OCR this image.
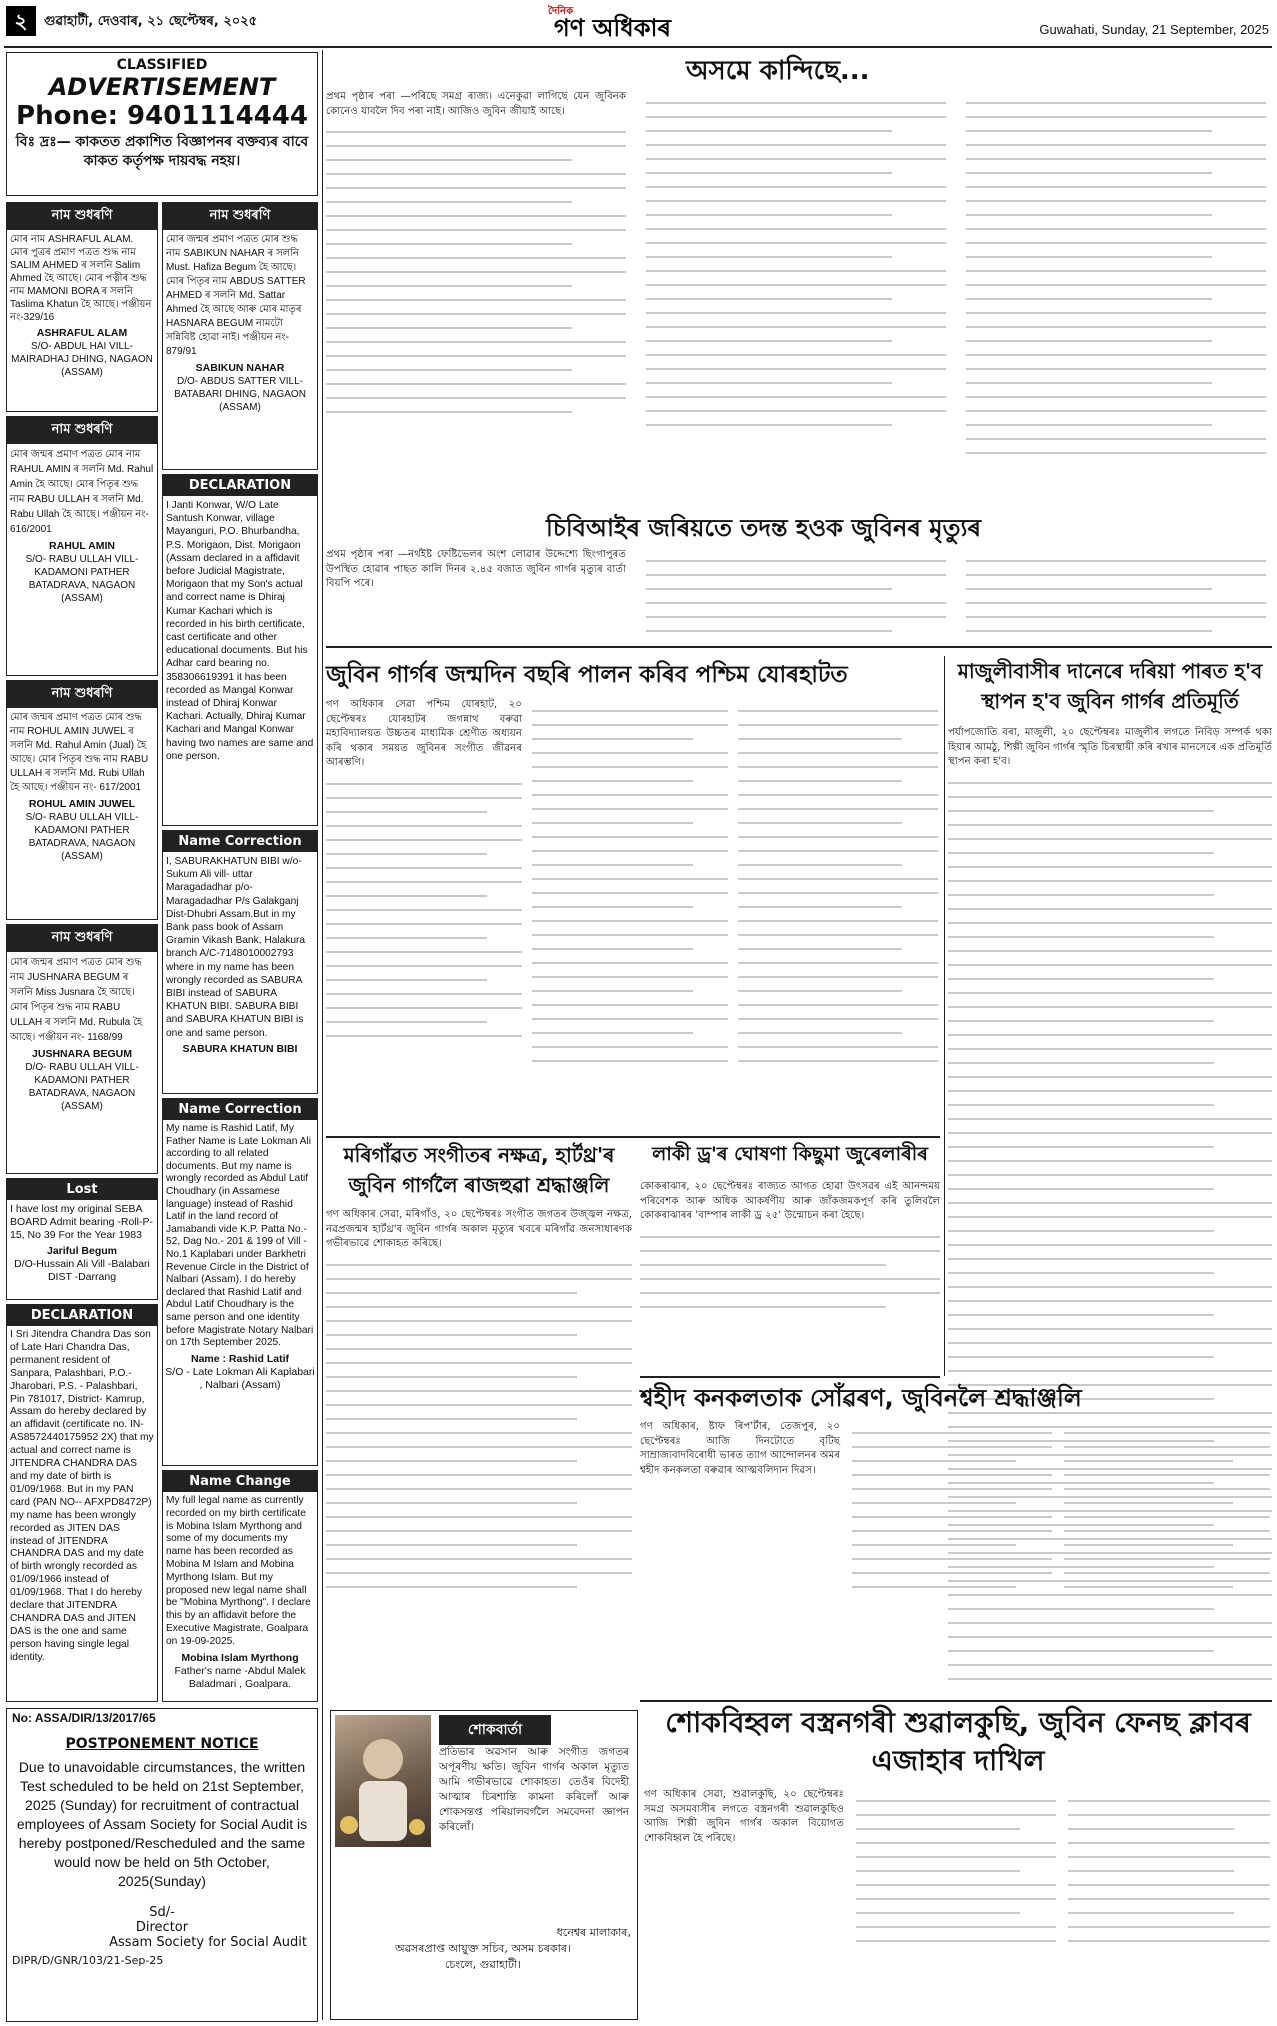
২	গুৱাহাটী, দেওবাৰ, ২১ ছেপ্টেম্বৰ, ২০২৫
দৈনিক
গণ অধিকাৰ	Guwahati, Sunday, 21 September, 2025
CLASSIFIED
ADVERTISEMENT
Phone: 9401114444
বিঃ দ্ৰঃ— কাকতত প্ৰকাশিত বিজ্ঞাপনৰ বক্তব্যৰ বাবে কাকত কৰ্তৃপক্ষ দায়বদ্ধ নহয়।
নাম শুধৰণি
মোৰ নাম ASHRAFUL ALAM. মোৰ পুত্ৰৰ প্ৰমাণ পত্ৰত শুদ্ধ নাম SALIM AHMED ৰ সলনি Salim Ahmed হৈ আছে। মোৰ পত্নীৰ শুদ্ধ নাম MAMONI BORA ৰ সলনি Taslima Khatun হৈ আছে। পঞ্জীয়ন নং-329/16
ASHRAFUL ALAM
S/O- ABDUL HAI VILL- MAIRADHAJ DHING, NAGAON (ASSAM)
নাম শুধৰণি
মোৰ জন্মৰ প্ৰমাণ পত্ৰত মোৰ নাম RAHUL AMIN ৰ সলনি Md. Rahul Amin হৈ আছে। মোৰ পিতৃৰ শুদ্ধ নাম RABU ULLAH ৰ সলনি Md. Rabu Ullah হৈ আছে। পঞ্জীয়ন নং- 616/2001
RAHUL AMIN
S/O- RABU ULLAH VILL- KADAMONI PATHER BATADRAVA, NAGAON (ASSAM)
নাম শুধৰণি
মোৰ জন্মৰ প্ৰমাণ পত্ৰত মোৰ শুদ্ধ নাম ROHUL AMIN JUWEL ৰ সলনি Md. Rahul Amin (Jual) হৈ আছে। মোৰ পিতৃৰ শুদ্ধ নাম RABU ULLAH ৰ সলনি Md. Rubi Ullah হৈ আছে। পঞ্জীয়ন নং- 617/2001
ROHUL AMIN JUWEL
S/O- RABU ULLAH VILL- KADAMONI PATHER BATADRAVA, NAGAON (ASSAM)
নাম শুধৰণি
মোৰ জন্মৰ প্ৰমাণ পত্ৰত মোৰ শুদ্ধ নাম JUSHNARA BEGUM ৰ সলনি Miss Jusnara হৈ আছে। মোৰ পিতৃৰ শুদ্ধ নাম RABU ULLAH ৰ সলনি Md. Rubula হৈ আছে। পঞ্জীয়ন নং- 1168/99
JUSHNARA BEGUM
D/O- RABU ULLAH VILL- KADAMONI PATHER BATADRAVA, NAGAON (ASSAM)
Lost
I have lost my original SEBA BOARD Admit bearing -Roll-P-15, No 39 For the Year 1983
Jariful Begum
D/O-Hussain Ali Vill -Balabari DIST -Darrang
DECLARATION
I Sri Jitendra Chandra Das son of Late Hari Chandra Das, permanent resident of Sanpara, Palashbari, P.O.- Jharobari, P.S. - Palashbari, Pin 781017, District- Kamrup, Assam do hereby declared by an affidavit (certificate no. IN-AS8572440175952 2X) that my actual and correct name is JITENDRA CHANDRA DAS and my date of birth is 01/09/1968. But in my PAN card (PAN NO-- AFXPD8472P) my name has been wrongly recorded as JITEN DAS instead of JITENDRA CHANDRA DAS and my date of birth wrongly recorded as 01/09/1966 instead of 01/09/1968. That I do hereby declare that JITENDRA CHANDRA DAS and JITEN DAS is the one and same person having single legal identity.
নাম শুধৰণি
মোৰ জন্মৰ প্ৰমাণ পত্ৰত মোৰ শুদ্ধ নাম SABIKUN NAHAR ৰ সলনি Must. Hafiza Begum হৈ আছে। মোৰ পিতৃৰ নাম ABDUS SATTER AHMED ৰ সলনি Md. Sattar Ahmed হৈ আছে আৰু মোৰ মাতৃৰ HASNARA BEGUM নামটো সন্নিবিষ্ট হোৱা নাই। পঞ্জীয়ন নং- 879/91
SABIKUN NAHAR
D/O- ABDUS SATTER VILL- BATABARI DHING, NAGAON (ASSAM)
DECLARATION
I Janti Konwar, W/O Late Santush Konwar, village Mayanguri, P.O. Bhurbandha, P.S. Morigaon, Dist. Morigaon (Assam declared in a affidavit before Judicial Magistrate, Morigaon that my Son's actual and correct name is Dhiraj Kumar Kachari which is recorded in his birth certificate, cast certificate and other educational documents. But his Adhar card bearing no. 358306619391 it has been recorded as Mangal Konwar instead of Dhiraj Konwar Kachari. Actually, Dhiraj Kumar Kachari and Mangal Konwar having two names are same and one person.
Name Correction
I, SABURAKHATUN BIBI w/o-Sukum Ali vill- uttar Maragadadhar p/o- Maragadadhar P/s Galakganj Dist-Dhubri Assam.But in my Bank pass book of Assam Gramin Vikash Bank, Halakura branch A/C-7148010002793 where in my name has been wrongly recorded as SABURA BIBI instead of SABURA KHATUN BIBI. SABURA BIBI and SABURA KHATUN BIBI is one and same person.
SABURA KHATUN BIBI
Name Correction
My name is Rashid Latif, My Father Name is Late Lokman Ali according to all related documents. But my name is wrongly recorded as Abdul Latif Choudhary (in Assamese language) instead of Rashid Latif in the land record of Jamabandi vide K.P. Patta No.- 52, Dag No.- 201 & 199 of Vill - No.1 Kaplabari under Barkhetri Revenue Circle in the District of Nalbari (Assam). I do hereby declared that Rashid Latif and Abdul Latif Choudhary is the same person and one identity before Magistrate Notary Nalbari on 17th September 2025.
Name : Rashid Latif
S/O - Late Lokman Ali Kaplabari , Nalbari (Assam)
Name Change
My full legal name as currently recorded on my birth certificate is Mobina Islam Myrthong and some of my documents my name has been recorded as Mobina M Islam and Mobina Myrthong Islam. But my proposed new legal name shall be "Mobina Myrthong". I declare this by an affidavit before the Executive Magistrate, Goalpara on 19-09-2025.
Mobina Islam Myrthong
Father's name -Abdul Malek Baladmari , Goalpara.
No: ASSA/DIR/13/2017/65
POSTPONEMENT NOTICE
Due to unavoidable circumstances, the written Test scheduled to be held on 21st September, 2025 (Sunday) for recruitment of contractual employees of Assam Society for Social Audit is hereby postponed/Rescheduled and the same would now be held on 5th October, 2025(Sunday)
Sd/-
Director
Assam Society for Social Audit
DIPR/D/GNR/103/21-Sep-25
অসমে কান্দিছে...

প্ৰথম পৃষ্ঠাৰ পৰা —পৰিছে সমগ্ৰ ৰাজ্য। এনেকুৱা লাগিছে যেন জুবিনক কোনেও যাবলৈ দিব পৰা নাই। আজিও জুবিন জীয়াই আছে।

চিবিআইৰ জৰিয়তে তদন্ত হওক জুবিনৰ মৃত্যুৰ

প্ৰথম পৃষ্ঠাৰ পৰা —নৰ্থইষ্ট ফেষ্টিভেলৰ অংশ লোৱাৰ উদ্দেশ্যে ছিংগাপুৰত উপস্থিত হোৱাৰ পাছত কালি দিনৰ ২.৪৫ বজাত জুবিন গাৰ্গৰ মৃত্যুৰ বাৰ্তা বিয়পি পৰে।

জুবিন গাৰ্গৰ জন্মদিন বছৰি পালন কৰিব পশ্চিম যোৰহাটত

গণ অধিকাৰ সেৱা পশ্চিম যোৰহাট, ২০ ছেপ্টেম্বৰঃ যোৰহাটৰ জগন্নাথ বৰুৱা মহাবিদ্যালয়ত উচ্চতৰ মাধ্যমিক শ্ৰেণীত অধ্যয়ন কৰি থকাৰ সময়ত জুবিনৰ সংগীত জীৱনৰ আৰম্ভণি।

মাজুলীবাসীৰ দানেৰে দৰিয়া পাৰত হ'ব স্থাপন হ'ব জুবিন গাৰ্গৰ প্ৰতিমূৰ্তি

পৰ্যাপজোতি বৰা, মাজুলী, ২০ ছেপ্টেম্বৰঃ মাজুলীৰ লগতে নিবিড় সম্পৰ্ক থকা হিয়াৰ আমঠু, শিল্পী জুবিন গাৰ্গৰ স্মৃতি চিৰস্থায়ী কৰি ৰখাৰ মানসেৰে এক প্ৰতিমূৰ্তি স্থাপন কৰা হ'ব।

মৰিগাঁৱত সংগীতৰ নক্ষত্ৰ, হাৰ্টথ্ৰ'ৰ জুবিন গাৰ্গলৈ ৰাজহুৱা শ্ৰদ্ধাঞ্জলি

গণ অধিকাৰ সেৱা, মৰিগাঁও, ২০ ছেপ্টেম্বৰঃ সংগীত জগতৰ উজ্জ্বল নক্ষত্ৰ, নৱপ্ৰজন্মৰ হাৰ্টথ্ৰ'ব জুবিন গাৰ্গৰ অকাল মৃত্যুৰ খবৰে মৰিগাঁৱ জনসাধাৰণক গভীৰভাৱে শোকাহত কৰিছে।

লাকী ড্ৰ'ৰ ঘোষণা কিছুমা জুৰেলাৰীৰ

কোকৰাঝাৰ, ২০ ছেপ্টেম্বৰঃ ৰাজ্যত আগত হোৱা উৎসৱৰ এই আনন্দময় পৰিবেশক আৰু অধিক আকৰ্ষণীয় আৰু জাঁকজমকপূৰ্ণ কৰি তুলিবলৈ কোকৰাঝাৰৰ 'বাম্পাৰ লাকী ড্ৰ ২৫' উন্মোচন কৰা হৈছে।

শ্বহীদ কনকলতাক সোঁৱৰণ, জুবিনলৈ শ্ৰদ্ধাঞ্জলি

গণ অধিকাৰ, ষ্টাফ ৰিপ'ৰ্টাৰ, তেজপুৰ, ২০ ছেপ্টেম্বৰঃ আজি দিনটোতে বৃটিছ সাম্ৰাজ্যবাদবিৰোধী ভাৰত ত্যাগ আন্দোলনৰ অমৰ শ্বহীদ কনকলতা বৰুৱাৰ আত্মবলিদান দিৱস।

শোকবাৰ্তা
প্ৰতিভাৰ অৱসান আৰু সংগীত জগতৰ অপূৰণীয় ক্ষতি। জুবিন গাৰ্গৰ অকাল মৃত্যুত আমি গভীৰভাৱে শোকাহত। তেওঁৰ বিদেহী আত্মাৰ চিৰশান্তি কামনা কৰিলোঁ আৰু শোকসন্তপ্ত পৰিয়ালবৰ্গলৈ সমবেদনা জ্ঞাপন কৰিলোঁ।
ধনেশ্বৰ মালাকাৰ,
অৱসৰপ্ৰাপ্ত আয়ুক্ত সচিব, অসম চৰকাৰ।
চেংলে, গুৱাহাটী।
শোকবিহ্বল বস্ত্ৰনগৰী শুৱালকুছি, জুবিন ফেনছ ক্লাবৰ এজাহাৰ দাখিল

গণ অধিকাৰ সেৱা, শুৱালকুছি, ২০ ছেপ্টেম্বৰঃ সমগ্ৰ অসমবাসীৰ লগতে বস্ত্ৰনগৰী শুৱালকুছিও আজি শিল্পী জুবিন গাৰ্গৰ অকাল বিয়োগত শোকবিহ্বল হৈ পৰিছে।
